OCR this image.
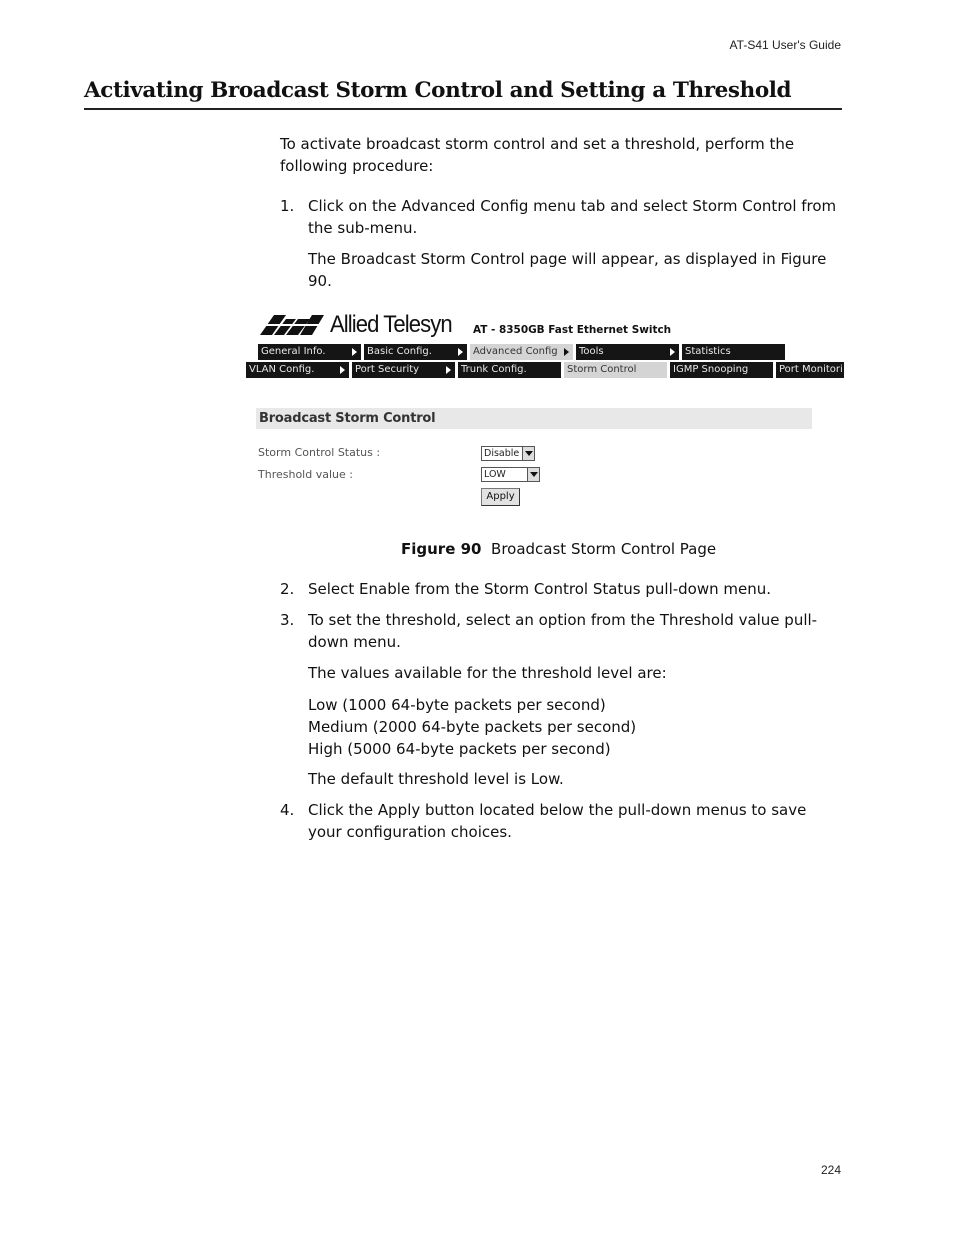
AT-S41 User's Guide
Activating Broadcast Storm Control and Setting a Threshold

To activate broadcast storm control and set a threshold, perform the following procedure:

1. Click on the Advanced Config menu tab and select Storm Control from the sub-menu.

The Broadcast Storm Control page will appear, as displayed in Figure 90.

Allied Telesyn AT - 8350GB Fast Ethernet Switch
General Info.	Basic Config.	Advanced Config	Tools	Statistics
VLAN Config.	Port Security	Trunk Config.	Storm Control	IGMP Snooping	Port Monitori
Broadcast Storm Control
Storm Control Status :	Disable
Threshold value :	LOW
Apply
Figure 90 Broadcast Storm Control Page
2. Select Enable from the Storm Control Status pull-down menu.
3. To set the threshold, select an option from the Threshold value pull-down menu.

The values available for the threshold level are:

Low (1000 64-byte packets per second)
Medium (2000 64-byte packets per second)
High (5000 64-byte packets per second)

The default threshold level is Low.

4. Click the Apply button located below the pull-down menus to save your configuration choices.
224
